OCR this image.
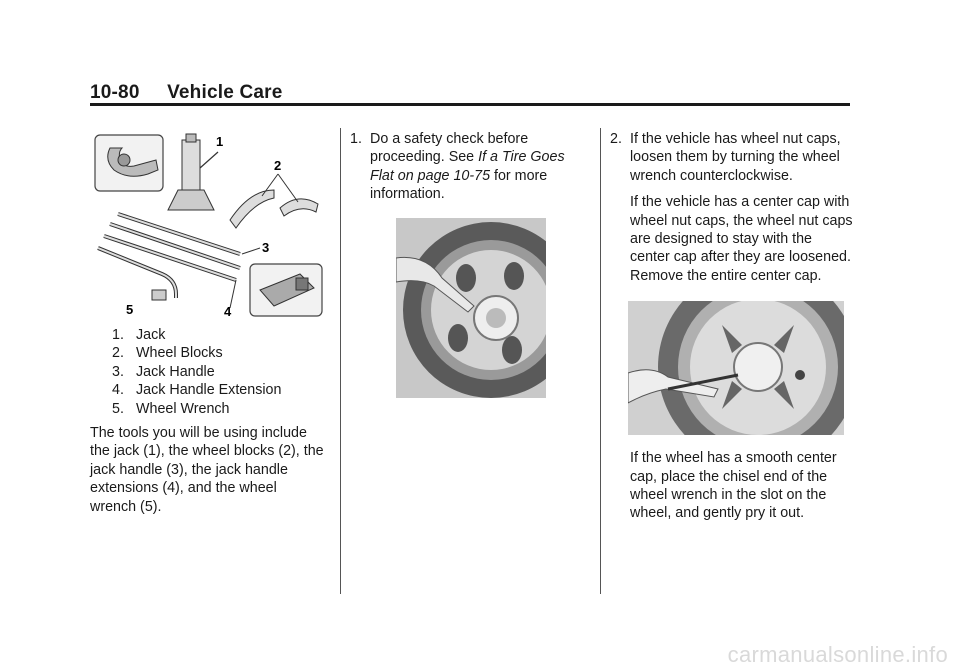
10-80 Vehicle Care
1
2
3
5	4
1. Jack
2. Wheel Blocks
3. Jack Handle
4. Jack Handle Extension
5. Wheel Wrench

The tools you will be using include the jack (1), the wheel blocks (2), the jack handle (3), the jack handle extensions (4), and the wheel wrench (5).

1. Do a safety check before proceeding. See If a Tire Goes Flat on page 10-75 for more information.
2. If the vehicle has wheel nut caps, loosen them by turning the wheel wrench counterclockwise.

If the vehicle has a center cap with wheel nut caps, the wheel nut caps are designed to stay with the center cap after they are loosened. Remove the entire center cap.

If the wheel has a smooth center cap, place the chisel end of the wheel wrench in the slot on the wheel, and gently pry it out.

carmanualsonline.info
